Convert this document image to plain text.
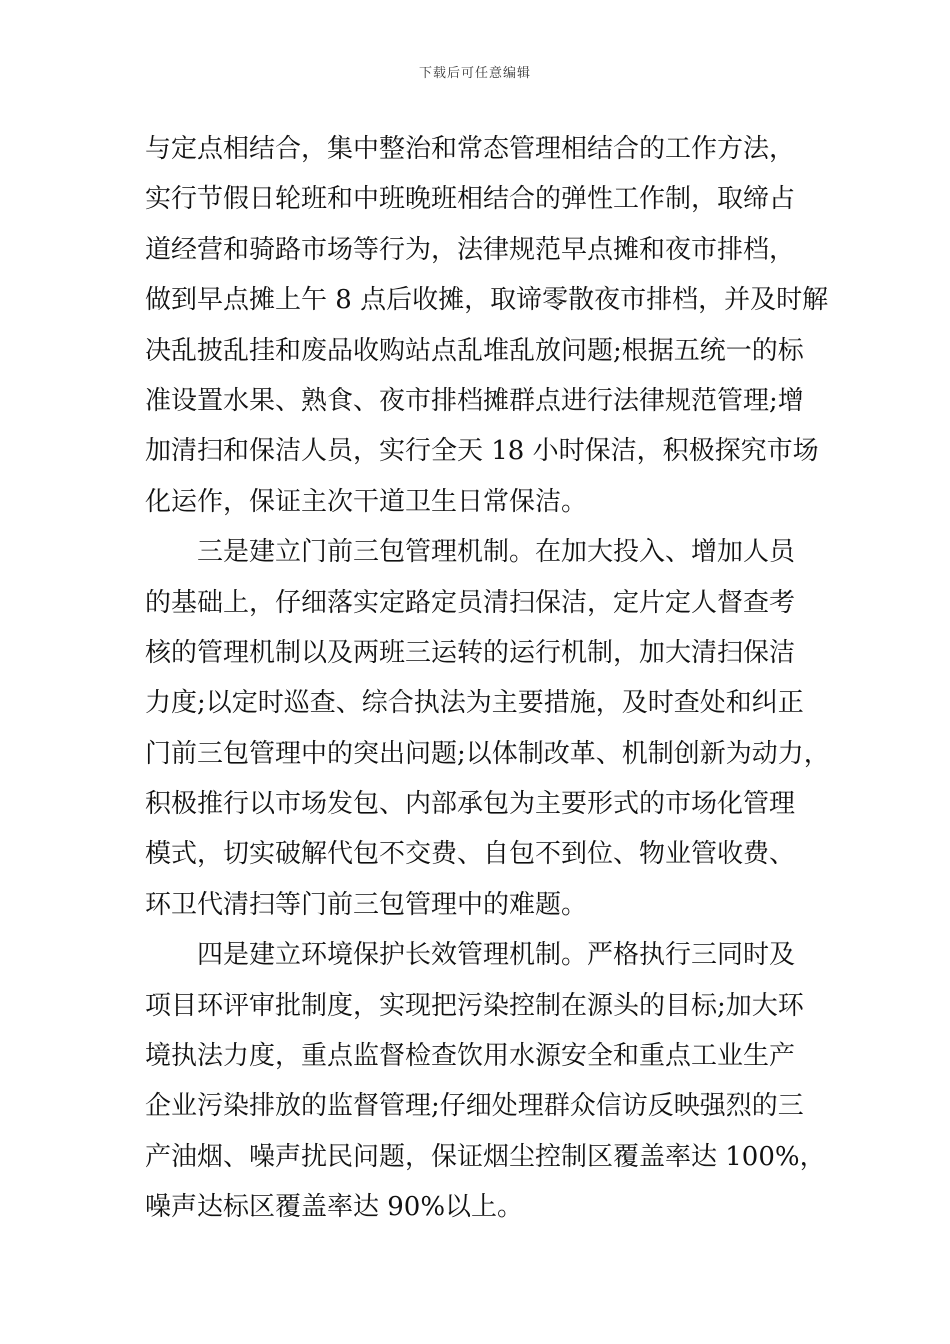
下载后可任意编辑
与定点相结合，集中整治和常态管理相结合的工作方法，
实行节假日轮班和中班晚班相结合的弹性工作制，取缔占
道经营和骑路市场等行为，法律规范早点摊和夜市排档，
做到早点摊上午 8 点后收摊，取谛零散夜市排档，并及时解
决乱披乱挂和废品收购站点乱堆乱放问题;根据五统一的标
准设置水果、熟食、夜市排档摊群点进行法律规范管理;增
加清扫和保洁人员，实行全天 18 小时保洁，积极探究市场
化运作，保证主次干道卫生日常保洁。
三是建立门前三包管理机制。在加大投入、增加人员
的基础上，仔细落实定路定员清扫保洁，定片定人督查考
核的管理机制以及两班三运转的运行机制，加大清扫保洁
力度;以定时巡查、综合执法为主要措施，及时查处和纠正
门前三包管理中的突出问题;以体制改革、机制创新为动力，
积极推行以市场发包、内部承包为主要形式的市场化管理
模式，切实破解代包不交费、自包不到位、物业管收费、
环卫代清扫等门前三包管理中的难题。
四是建立环境保护长效管理机制。严格执行三同时及
项目环评审批制度，实现把污染控制在源头的目标;加大环
境执法力度，重点监督检查饮用水源安全和重点工业生产
企业污染排放的监督管理;仔细处理群众信访反映强烈的三
产油烟、噪声扰民问题，保证烟尘控制区覆盖率达 100%，
噪声达标区覆盖率达 90%以上。
